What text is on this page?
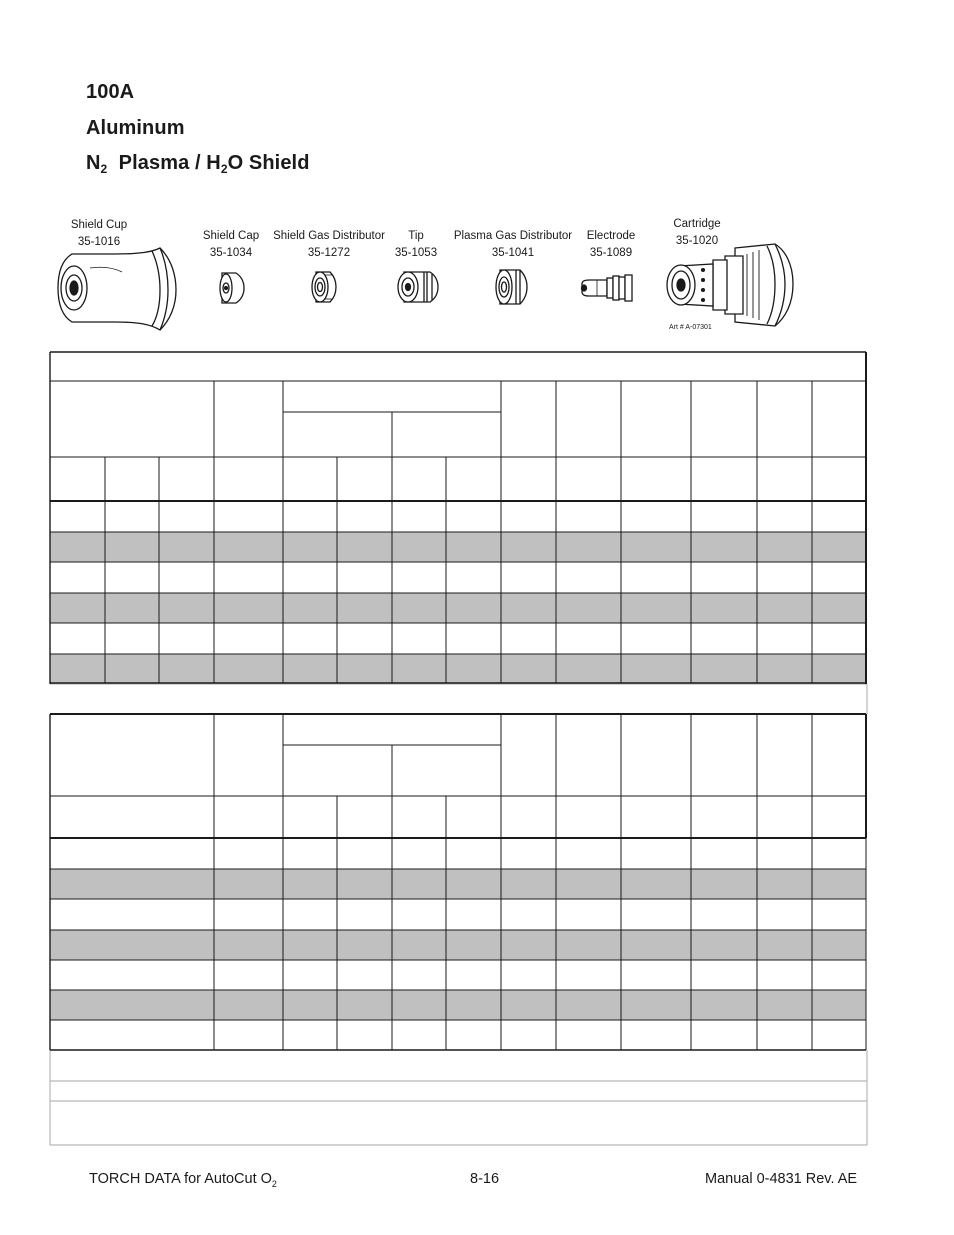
100A
Aluminum
$N_2$ Plasma / $H_2O$ Shield
Shield Cup
35-1016	Shield Cap
35-1034
Shield Gas Distributor
35-1272
Tip
35-1053
Plasma Gas Distributor
35-1041
Electrode
35-1089
Cartridge
35-1020
Art # A-07301
TORCH DATA for AutoCut $O_2$	8-16	Manual 0-4831 Rev. AE
